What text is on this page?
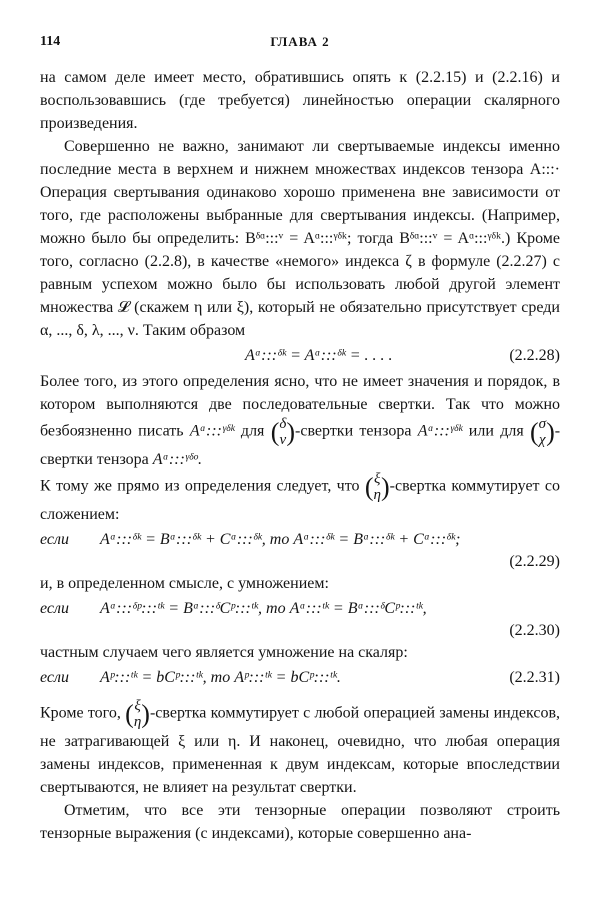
114	ГЛАВА 2

на самом деле имеет место, обратившись опять к (2.2.15) и (2.2.16) и воспользовавшись (где требуется) линейностью операции скалярного произведения.

Совершенно не важно, занимают ли свертываемые индексы именно последние места в верхнем и нижнем множествах индексов тензора A:::· Операция свертывания одинаково хорошо применена вне зависимости от того, где расположены выбранные для свертывания индексы. (Например, можно было бы определить: Bᵟᵅ:::ᵛ = Aᵅ:::ᵞᵟᵏ; тогда Bᵟᵅ:::ᵛ = Aᵅ:::ᵞᵟᵏ.) Кроме того, согласно (2.2.8), в качестве «немого» индекса ζ в формуле (2.2.27) с равным успехом можно было бы использовать любой другой элемент множества 𝓛 (скажем η или ξ), который не обязательно присутствует среди α, ..., δ, λ, ..., ν. Таким образом

Aᵅ:::ᵟᵏ = Aᵅ:::ᵟᵏ = . . . .	(2.2.28)

Более того, из этого определения ясно, что не имеет значения и порядок, в котором выполняются две последовательные свертки. Так что можно безбоязненно писать Aᵅ:::ᵞᵟᵏ для (δ
ν)-свертки тензора Aᵅ:::ᵞᵟᵏ или для (σ
χ)-свертки тензора Aᵅ:::ᵞᵟᵒ.

К тому же прямо из определения следует, что (ξ
η)-свертка коммутирует со сложением:

если Aᵅ:::ᵟᵏ = Bᵅ:::ᵟᵏ + Cᵅ:::ᵟᵏ, то Aᵅ:::ᵟᵏ = Bᵅ:::ᵟᵏ + Cᵅ:::ᵟᵏ;
(2.2.29)

и, в определенном смысле, с умножением:

если Aᵅ:::ᵟᵖ:::ᵗᵏ = Bᵅ:::ᵟCᵖ:::ᵗᵏ, то Aᵅ:::ᵗᵏ = Bᵅ:::ᵟCᵖ:::ᵗᵏ,
(2.2.30)

частным случаем чего является умножение на скаляр:

если Aᵖ:::ᵗᵏ = bCᵖ:::ᵗᵏ, то Aᵖ:::ᵗᵏ = bCᵖ:::ᵗᵏ.	(2.2.31)

Кроме того, (ξ
η)-свертка коммутирует с любой операцией замены индексов, не затрагивающей ξ или η. И наконец, очевидно, что любая операция замены индексов, примененная к двум индексам, которые впоследствии свертываются, не влияет на результат свертки.

Отметим, что все эти тензорные операции позволяют строить тензорные выражения (с индексами), которые совершенно ана-
